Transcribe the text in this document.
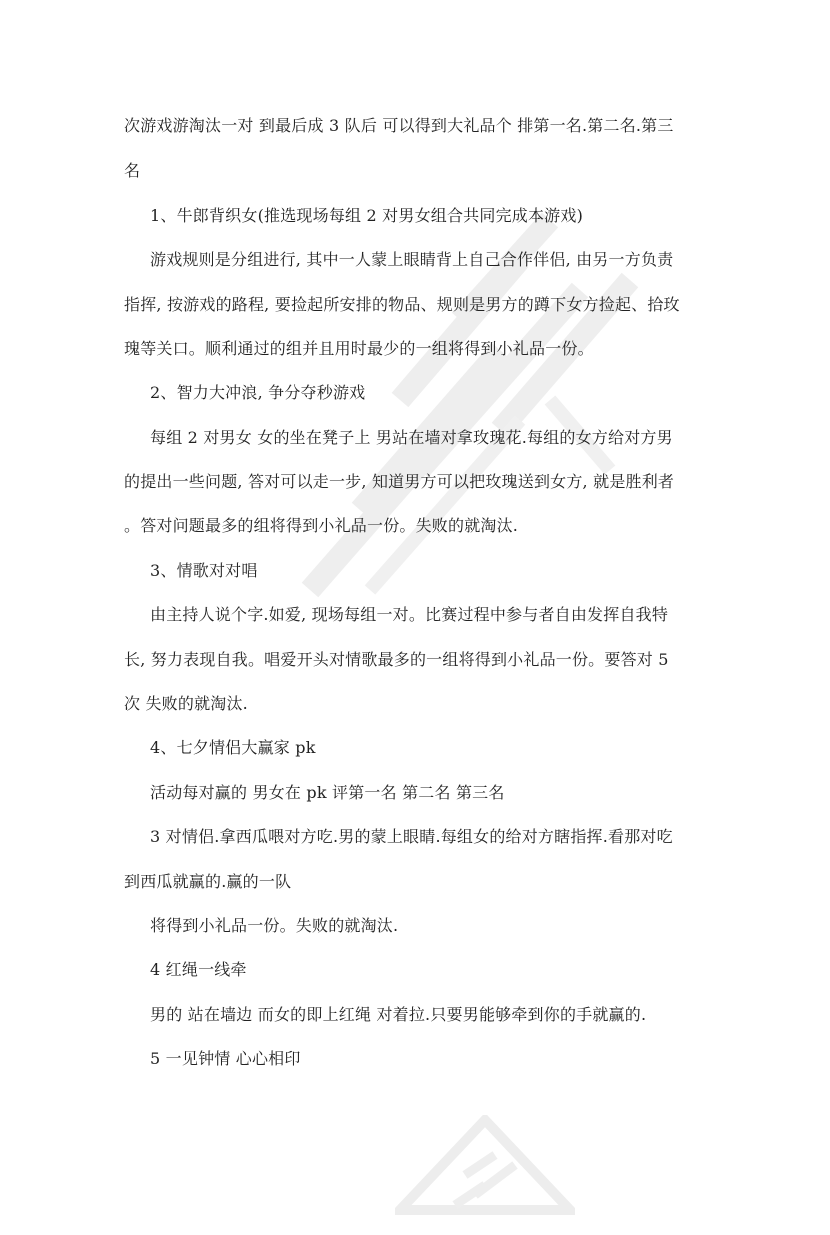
次游戏游淘汰一对 到最后成 3 队后 可以得到大礼品个 排第一名.第二名.第三
名
1、牛郎背织女(推选现场每组 2 对男女组合共同完成本游戏)
游戏规则是分组进行, 其中一人蒙上眼睛背上自己合作伴侣, 由另一方负责
指挥, 按游戏的路程, 要捡起所安排的物品、规则是男方的蹲下女方捡起、拾玫
瑰等关口。顺利通过的组并且用时最少的一组将得到小礼品一份。
2、智力大冲浪, 争分夺秒游戏
每组 2 对男女 女的坐在凳子上 男站在墙对拿玫瑰花.每组的女方给对方男
的提出一些问题, 答对可以走一步, 知道男方可以把玫瑰送到女方, 就是胜利者
。答对问题最多的组将得到小礼品一份。失败的就淘汰.
3、情歌对对唱
由主持人说个字.如爱, 现场每组一对。比赛过程中参与者自由发挥自我特
长, 努力表现自我。唱爱开头对情歌最多的一组将得到小礼品一份。要答对 5
次 失败的就淘汰.
4、七夕情侣大赢家 pk
活动每对赢的 男女在 pk 评第一名 第二名 第三名
3 对情侣.拿西瓜喂对方吃.男的蒙上眼睛.每组女的给对方瞎指挥.看那对吃
到西瓜就赢的.赢的一队
将得到小礼品一份。失败的就淘汰.
4 红绳一线牵
男的 站在墙边 而女的即上红绳 对着拉.只要男能够牵到你的手就赢的.
5 一见钟情 心心相印
